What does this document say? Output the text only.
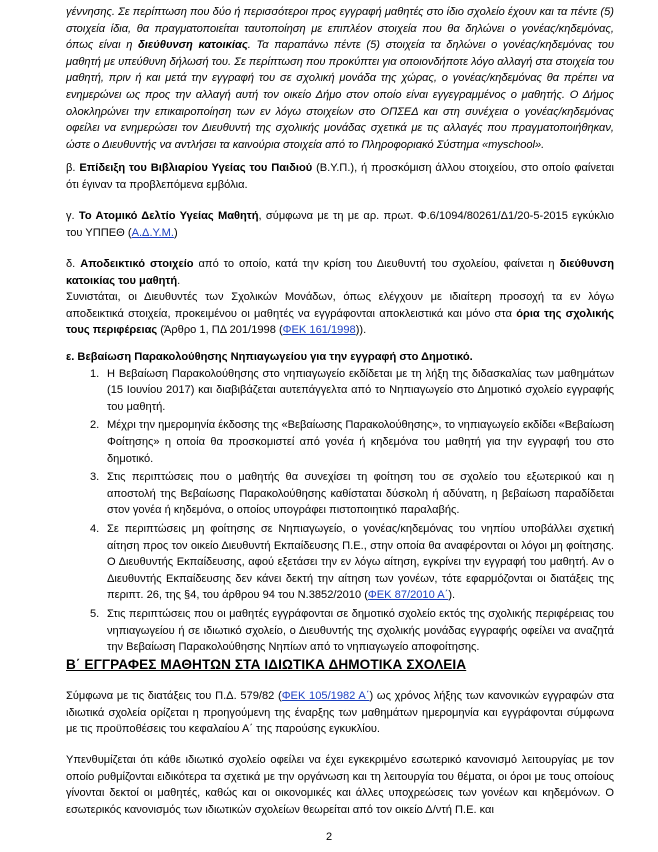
γέννησης. Σε περίπτωση που δύο ή περισσότεροι προς εγγραφή μαθητές στο ίδιο σχολείο έχουν και τα πέντε (5) στοιχεία ίδια, θα πραγματοποιείται ταυτοποίηση με επιπλέον στοιχεία που θα δηλώνει ο γονέας/κηδεμόνας, όπως είναι η διεύθυνση κατοικίας. Τα παραπάνω πέντε (5) στοιχεία τα δηλώνει ο γονέας/κηδεμόνας του μαθητή με υπεύθυνη δήλωσή του. Σε περίπτωση που προκύπτει για οποιονδήποτε λόγο αλλαγή στα στοιχεία του μαθητή, πριν ή και μετά την εγγραφή του σε σχολική μονάδα της χώρας, ο γονέας/κηδεμόνας θα πρέπει να ενημερώνει ως προς την αλλαγή αυτή τον οικείο Δήμο στον οποίο είναι εγγεγραμμένος ο μαθητής. Ο Δήμος ολοκληρώνει την επικαιροποίηση των εν λόγω στοιχείων στο ΟΠΣΕΔ και στη συνέχεια ο γονέας/κηδεμόνας οφείλει να ενημερώσει τον Διευθυντή της σχολικής μονάδας σχετικά με τις αλλαγές που πραγματοποιήθηκαν, ώστε ο Διευθυντής να αντλήσει τα καινούρια στοιχεία από το Πληροφοριακό Σύστημα «myschool».
β. Επίδειξη του Βιβλιαρίου Υγείας του Παιδιού (Β.Υ.Π.), ή προσκόμιση άλλου στοιχείου, στο οποίο φαίνεται ότι έγιναν τα προβλεπόμενα εμβόλια.
γ. Το Ατομικό Δελτίο Υγείας Μαθητή, σύμφωνα με τη με αρ. πρωτ. Φ.6/1094/80261/Δ1/20-5-2015 εγκύκλιο του ΥΠΠΕΘ (Α.Δ.Υ.Μ.)
δ. Αποδεικτικό στοιχείο από το οποίο, κατά την κρίση του Διευθυντή του σχολείου, φαίνεται η διεύθυνση κατοικίας του μαθητή.
Συνιστάται, οι Διευθυντές των Σχολικών Μονάδων, όπως ελέγχουν με ιδιαίτερη προσοχή τα εν λόγω αποδεικτικά στοιχεία, προκειμένου οι μαθητές να εγγράφονται αποκλειστικά και μόνο στα όρια της σχολικής τους περιφέρειας (Άρθρο 1, ΠΔ 201/1998 (ΦΕΚ 161/1998)).
ε. Βεβαίωση Παρακολούθησης Νηπιαγωγείου για την εγγραφή στο Δημοτικό.
1. Η Βεβαίωση Παρακολούθησης στο νηπιαγωγείο εκδίδεται με τη λήξη της διδασκαλίας των μαθημάτων (15 Ιουνίου 2017) και διαβιβάζεται αυτεπάγγελτα από το Νηπιαγωγείο στο Δημοτικό σχολείο εγγραφής του μαθητή.
2. Μέχρι την ημερομηνία έκδοσης της «Βεβαίωσης Παρακολούθησης», το νηπιαγωγείο εκδίδει «Βεβαίωση Φοίτησης» η οποία θα προσκομιστεί από γονέα ή κηδεμόνα του μαθητή για την εγγραφή του στο δημοτικό.
3. Στις περιπτώσεις που ο μαθητής θα συνεχίσει τη φοίτηση του σε σχολείο του εξωτερικού και η αποστολή της Βεβαίωσης Παρακολούθησης καθίσταται δύσκολη ή αδύνατη, η βεβαίωση παραδίδεται στον γονέα ή κηδεμόνα, ο οποίος υπογράφει πιστοποιητικό παραλαβής.
4. Σε περιπτώσεις μη φοίτησης σε Νηπιαγωγείο, ο γονέας/κηδεμόνας του νηπίου υποβάλλει σχετική αίτηση προς τον οικείο Διευθυντή Εκπαίδευσης Π.Ε., στην οποία θα αναφέρονται οι λόγοι μη φοίτησης. Ο Διευθυντής Εκπαίδευσης, αφού εξετάσει την εν λόγω αίτηση, εγκρίνει την εγγραφή του μαθητή. Αν ο Διευθυντής Εκπαίδευσης δεν κάνει δεκτή την αίτηση των γονέων, τότε εφαρμόζονται οι διατάξεις της περιπτ. 26, της §4, του άρθρου 94 του Ν.3852/2010 (ΦΕΚ 87/2010 Α΄).
5. Στις περιπτώσεις που οι μαθητές εγγράφονται σε δημοτικό σχολείο εκτός της σχολικής περιφέρειας του νηπιαγωγείου ή σε ιδιωτικό σχολείο, ο Διευθυντής της σχολικής μονάδας εγγραφής οφείλει να αναζητά την Βεβαίωση Παρακολούθησης Νηπίων από το νηπιαγωγείο αποφοίτησης.
Β΄ ΕΓΓΡΑΦΕΣ ΜΑΘΗΤΩΝ ΣΤΑ ΙΔΙΩΤΙΚΑ ΔΗΜΟΤΙΚΑ ΣΧΟΛΕΙΑ
Σύμφωνα με τις διατάξεις του Π.Δ. 579/82 (ΦΕΚ 105/1982 Α΄) ως χρόνος λήξης των κανονικών εγγραφών στα ιδιωτικά σχολεία ορίζεται η προηγούμενη της έναρξης των μαθημάτων ημερομηνία και εγγράφονται σύμφωνα με τις προϋποθέσεις του κεφαλαίου Α΄ της παρούσης εγκυκλίου.
Υπενθυμίζεται ότι κάθε ιδιωτικό σχολείο οφείλει να έχει εγκεκριμένο εσωτερικό κανονισμό λειτουργίας με τον οποίο ρυθμίζονται ειδικότερα τα σχετικά με την οργάνωση και τη λειτουργία του θέματα, οι όροι με τους οποίους γίνονται δεκτοί οι μαθητές, καθώς και οι οικονομικές και άλλες υποχρεώσεις των γονέων και κηδεμόνων. Ο εσωτερικός κανονισμός των ιδιωτικών σχολείων θεωρείται από τον οικείο Δ/ντή Π.Ε. και
2
